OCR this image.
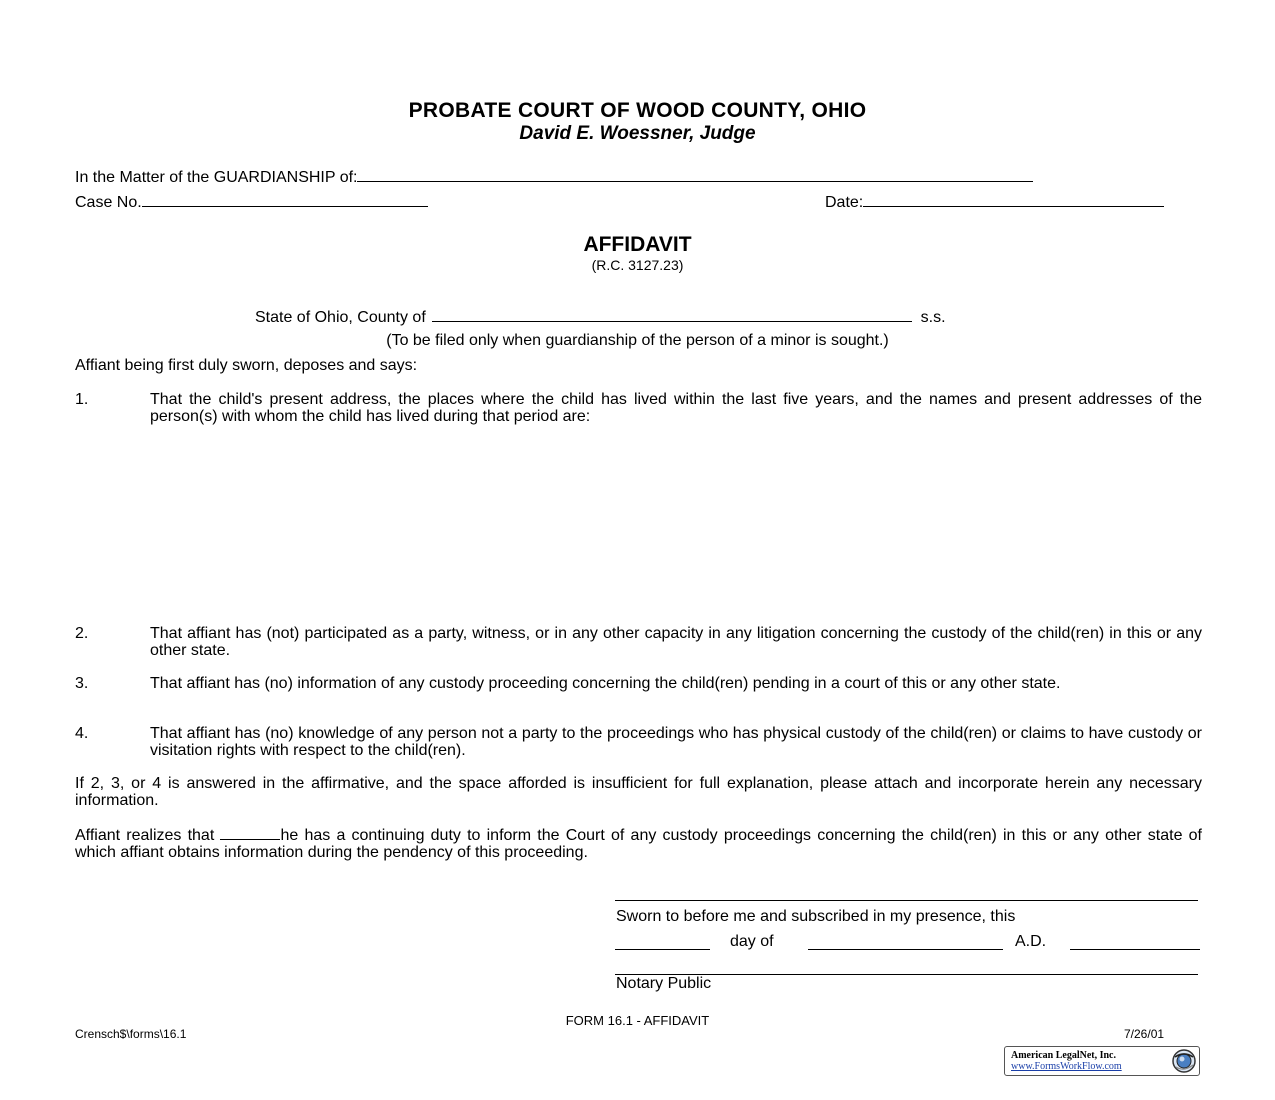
PROBATE COURT OF WOOD COUNTY, OHIO
David E. Woessner, Judge
In the Matter of the GUARDIANSHIP of:
Case No.	Date:
AFFIDAVIT
(R.C. 3127.23)
State of Ohio, County of	s.s.
(To be filed only when guardianship of the person of a minor is sought.)
Affiant being first duly sworn, deposes and says:
1.	That the child's present address, the places where the child has lived within the last five years, and the names and present addresses of the person(s) with whom the child has lived during that period are:
2.	That affiant has (not) participated as a party, witness, or in any other capacity in any litigation concerning the custody of the child(ren) in this or any other state.
3.	That affiant has (no) information of any custody proceeding concerning the child(ren) pending in a court of this or any other state.
4.	That affiant has (no) knowledge of any person not a party to the proceedings who has physical custody of the child(ren) or claims to have custody or visitation rights with respect to the child(ren).
If 2, 3, or 4 is answered in the affirmative, and the space afforded is insufficient for full explanation, please attach and incorporate herein any necessary information.
Affiant realizes that	he has a continuing duty to inform the Court of any custody proceedings concerning the child(ren) in this or any other state of which affiant obtains information during the pendency of this proceeding.
Sworn to before me and subscribed in my presence, this
day of	A.D.
Notary Public
FORM 16.1 - AFFIDAVIT
Crensch$\forms\16.1	7/26/01
American LegalNet, Inc.
www.FormsWorkFlow.com
